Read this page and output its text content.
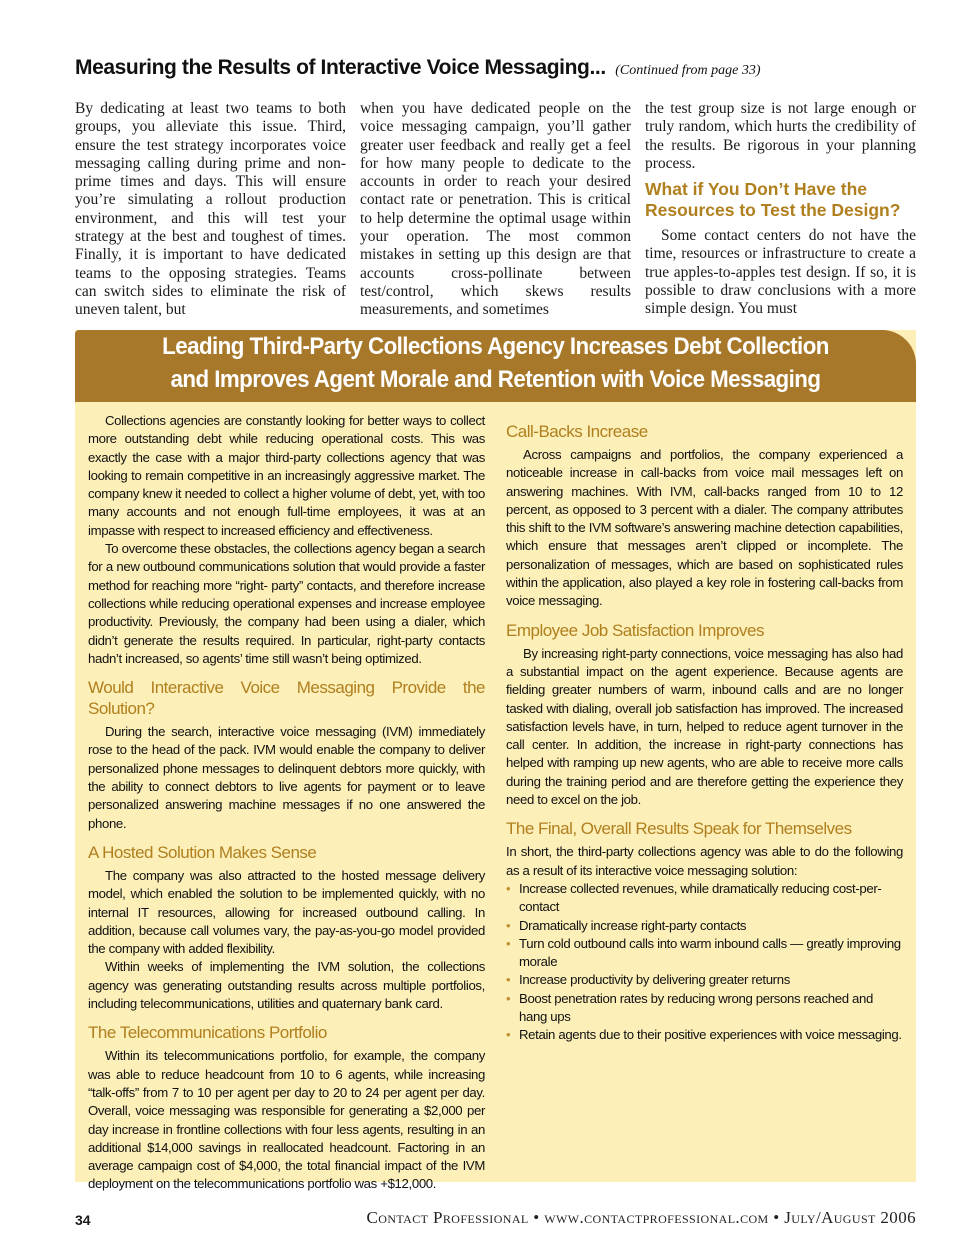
Measuring the Results of Interactive Voice Messaging... (Continued from page 33)

By dedicating at least two teams to both groups, you alleviate this issue. Third, ensure the test strategy incorporates voice messaging calling during prime and non-prime times and days. This will ensure you’re simulating a rollout production environment, and this will test your strategy at the best and toughest of times. Finally, it is important to have dedicated teams to the opposing strategies. Teams can switch sides to eliminate the risk of uneven talent, but

when you have dedicated people on the voice messaging campaign, you’ll gather greater user feedback and really get a feel for how many people to dedicate to the accounts in order to reach your desired contact rate or penetration. This is critical to help determine the optimal usage within your operation. The most common mistakes in setting up this design are that accounts cross-pollinate between test/control, which skews results measurements, and sometimes

the test group size is not large enough or truly random, which hurts the credibility of the results. Be rigorous in your planning process.

What if You Don’t Have the Resources to Test the Design?

Some contact centers do not have the time, resources or infrastructure to create a true apples-to-apples test design. If so, it is possible to draw conclusions with a more simple design. You must

Leading Third-Party Collections Agency Increases Debt Collection
and Improves Agent Morale and Retention with Voice Messaging

Collections agencies are constantly looking for better ways to collect more outstanding debt while reducing operational costs. This was exactly the case with a major third-party collections agency that was looking to remain competitive in an increasingly aggressive market. The company knew it needed to collect a higher volume of debt, yet, with too many accounts and not enough full-time employees, it was at an impasse with respect to increased efficiency and effectiveness.

To overcome these obstacles, the collections agency began a search for a new outbound communications solution that would provide a faster method for reaching more “right- party” contacts, and therefore increase collections while reducing operational expenses and increase employee productivity. Previously, the company had been using a dialer, which didn’t generate the results required. In particular, right-party contacts hadn’t increased, so agents’ time still wasn’t being optimized.

Would Interactive Voice Messaging Provide the Solution?

During the search, interactive voice messaging (IVM) immediately rose to the head of the pack. IVM would enable the company to deliver personalized phone messages to delinquent debtors more quickly, with the ability to connect debtors to live agents for payment or to leave personalized answering machine messages if no one answered the phone.

A Hosted Solution Makes Sense

The company was also attracted to the hosted message delivery model, which enabled the solution to be implemented quickly, with no internal IT resources, allowing for increased outbound calling. In addition, because call volumes vary, the pay-as-you-go model provided the company with added flexibility.

Within weeks of implementing the IVM solution, the collections agency was generating outstanding results across multiple portfolios, including telecommunications, utilities and quaternary bank card.

The Telecommunications Portfolio

Within its telecommunications portfolio, for example, the company was able to reduce headcount from 10 to 6 agents, while increasing “talk-offs” from 7 to 10 per agent per day to 20 to 24 per agent per day. Overall, voice messaging was responsible for generating a $2,000 per day increase in frontline collections with four less agents, resulting in an additional $14,000 savings in reallocated headcount. Factoring in an average campaign cost of $4,000, the total financial impact of the IVM deployment on the telecommunications portfolio was +$12,000.

Call-Backs Increase

Across campaigns and portfolios, the company experienced a noticeable increase in call-backs from voice mail messages left on answering machines. With IVM, call-backs ranged from 10 to 12 percent, as opposed to 3 percent with a dialer. The company attributes this shift to the IVM software’s answering machine detection capabilities, which ensure that messages aren’t clipped or incomplete. The personalization of messages, which are based on sophisticated rules within the application, also played a key role in fostering call-backs from voice messaging.

Employee Job Satisfaction Improves

By increasing right-party connections, voice messaging has also had a substantial impact on the agent experience. Because agents are fielding greater numbers of warm, inbound calls and are no longer tasked with dialing, overall job satisfaction has improved. The increased satisfaction levels have, in turn, helped to reduce agent turnover in the call center. In addition, the increase in right-party connections has helped with ramping up new agents, who are able to receive more calls during the training period and are therefore getting the experience they need to excel on the job.

The Final, Overall Results Speak for Themselves

In short, the third-party collections agency was able to do the following as a result of its interactive voice messaging solution:

• Increase collected revenues, while dramatically reducing cost-per-contact
• Dramatically increase right-party contacts
• Turn cold outbound calls into warm inbound calls — greatly improving morale
• Increase productivity by delivering greater returns
• Boost penetration rates by reducing wrong persons reached and hang ups
• Retain agents due to their positive experiences with voice messaging.
34	Contact Professional • www.contactprofessional.com • July/August 2006
